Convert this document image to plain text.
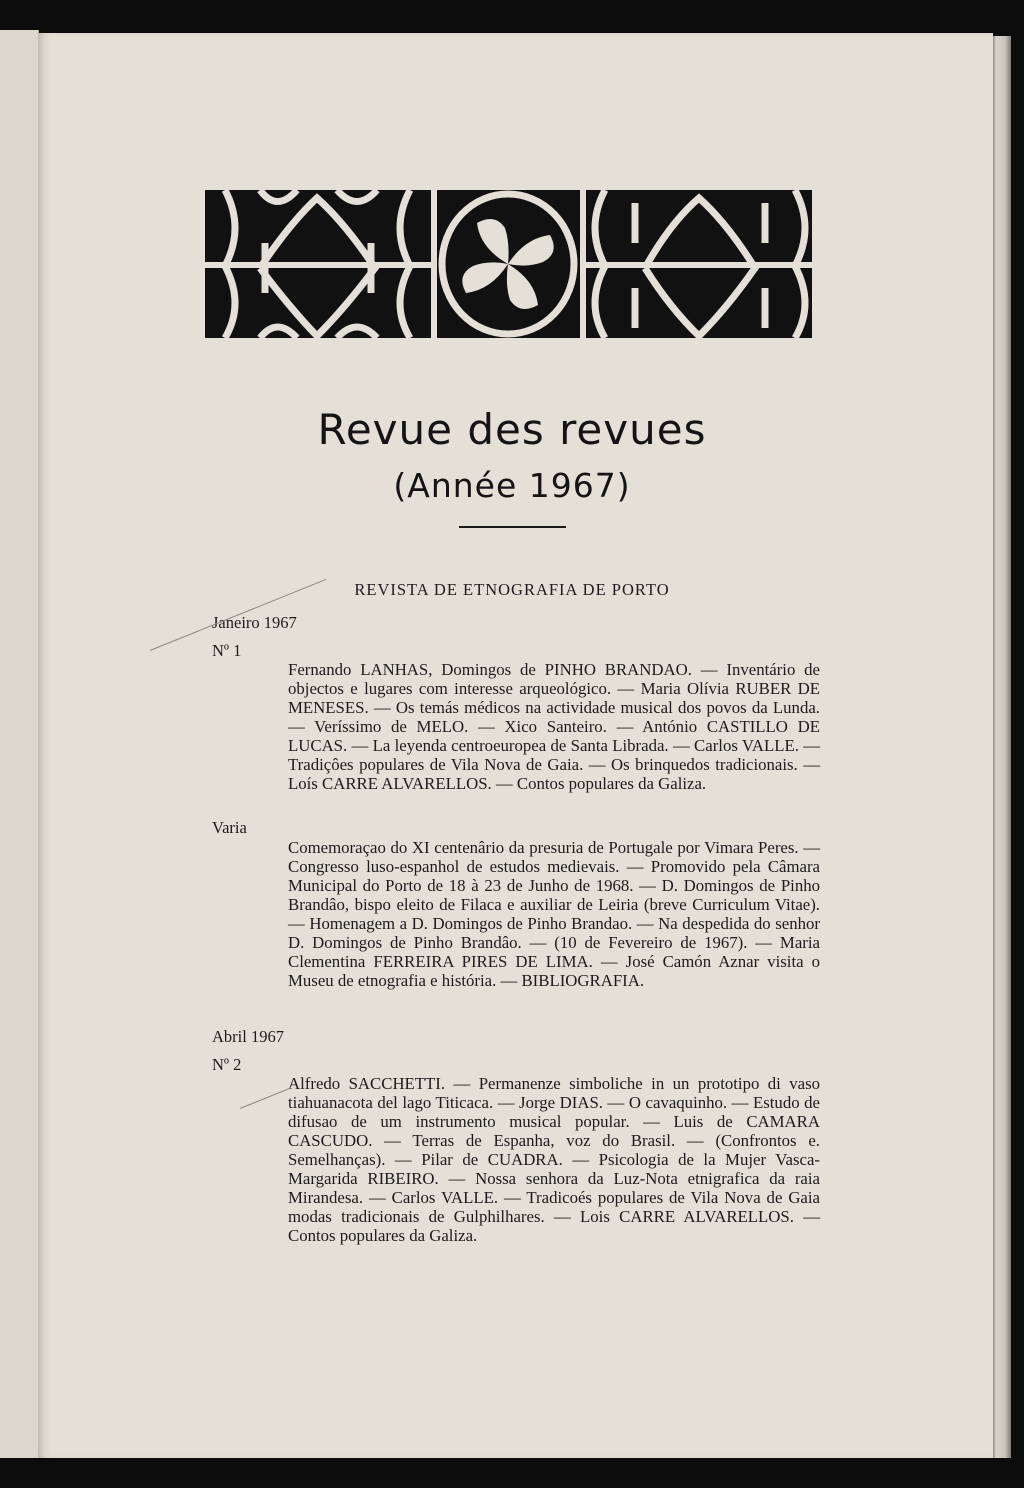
Revue des revues
(Année 1967)
REVISTA DE ETNOGRAFIA DE PORTO
Janeiro 1967
Nº 1
Fernando LANHAS, Domingos de PINHO BRANDAO. — Inventário de objectos e lugares com interesse arqueológico. — Maria Olívia RUBER DE MENESES. — Os temás médicos na actividade musical dos povos da Lunda. — Veríssimo de MELO. — Xico Santeiro. — António CASTILLO DE LUCAS. — La leyenda centroeuropea de Santa Librada. — Carlos VALLE. — Tradiçôes populares de Vila Nova de Gaia. — Os brinquedos tradicionais. — Loís CARRE ALVARELLOS. — Contos populares da Galiza.
Varia
Comemoraçao do XI centenârio da presuria de Portugale por Vimara Peres. — Congresso luso-espanhol de estudos medievais. — Promovido pela Câmara Municipal do Porto de 18 à 23 de Junho de 1968. — D. Domingos de Pinho Brandâo, bispo eleito de Filaca e auxiliar de Leiria (breve Curriculum Vitae). — Homenagem a D. Domingos de Pinho Brandao. — Na despedida do senhor D. Domingos de Pinho Brandâo. — (10 de Fevereiro de 1967). — Maria Clementina FERREIRA PIRES DE LIMA. — José Camón Aznar visita o Museu de etnografia e história. — BIBLIOGRAFIA.
Abril 1967
Nº 2
Alfredo SACCHETTI. — Permanenze simboliche in un prototipo di vaso tiahuanacota del lago Titicaca. — Jorge DIAS. — O cavaquinho. — Estudo de difusao de um instrumento musical popular. — Luis de CAMARA CASCUDO. — Terras de Espanha, voz do Brasil. — (Confrontos e. Semelhanças). — Pilar de CUADRA. — Psicologia de la Mujer Vasca-Margarida RIBEIRO. — Nossa senhora da Luz-Nota etnigrafica da raia Mirandesa. — Carlos VALLE. — Tradicoés populares de Vila Nova de Gaia modas tradicionais de Gulphilhares. — Lois CARRE ALVARELLOS. — Contos populares da Galiza.
